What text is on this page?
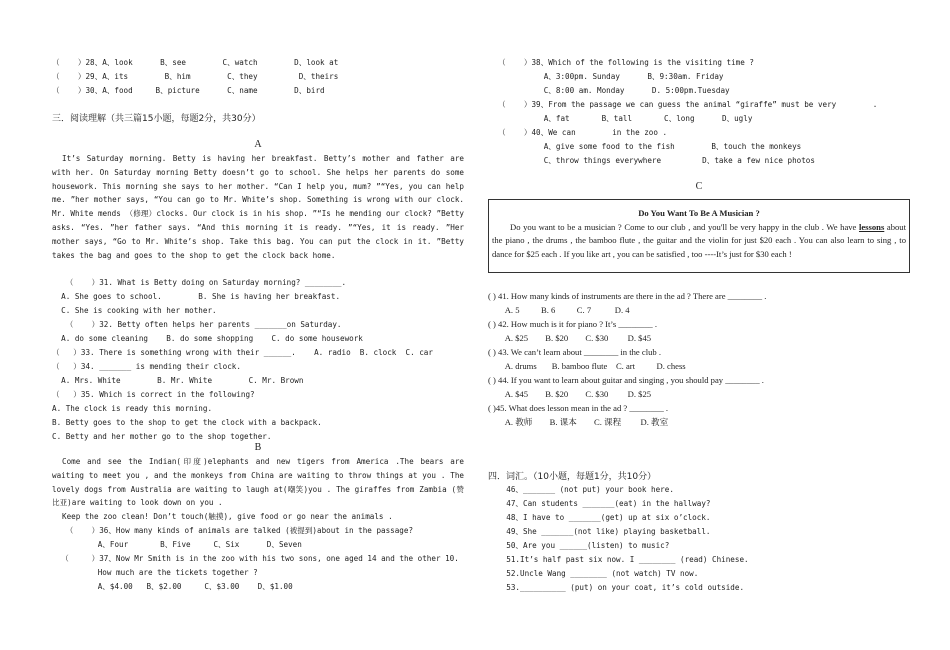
（    ）28、A、look      B、see        C、watch        D、look at
（    ）29、A、its        B、him        C、they         D、theirs
（    ）30、A、food     B、picture      C、name        D、bird
三．阅读理解（共三篇15小题，每题2分，共30分）
A
It’s Saturday morning. Betty is having her breakfast. Betty’s mother and father are with her. On Saturday morning Betty doesn’t go to school. She helps her parents do some housework. This morning she says to her mother. “Can I help you, mum? ”“Yes, you can help me. ”her mother says, “You can go to Mr. White’s shop. Something is wrong with our clock. Mr. White mends （修理）clocks. Our clock is in his shop. ”“Is he mending our clock? ”Betty asks. “Yes. ”her father says. “And this morning it is ready. ”“Yes, it is ready. ”Her mother says, “Go to Mr. White’s shop. Take this bag. You can put the clock in it. ”Betty takes the bag and goes to the shop to get the clock back home.
（    ）31. What is Betty doing on Saturday morning? ________.
A. She goes to school.        B. She is having her breakfast.
C. She is cooking with her mother.
（    ）32. Betty often helps her parents _______on Saturday.
A. do some cleaning    B. do some shopping    C. do some housework
（   ）33. There is something wrong with their ______.    A. radio  B. clock  C. car
（   ）34. _______ is mending their clock.
A. Mrs. White        B. Mr. White        C. Mr. Brown
（   ）35. Which is correct in the following?
A. The clock is ready this morning.
B. Betty goes to the shop to get the clock with a backpack.
C. Betty and her mother go to the shop together.
B
Come and see the Indian(印度)elephants and new tigers from America .The bears are waiting to meet you , and the monkeys from China are waiting to throw things at you . The lovely dogs from Australia are waiting to laugh at(嘲笑)you . The giraffes from Zambia (赞比亚)are waiting to look down on you .
Keep the zoo clean! Don’t touch(触摸), give food or go near the animals .
（    ）36、How many kinds of animals are talked (被提到)about in the passage?
A、Four       B、Five     C、Six      D、Seven
（     ）37、Now Mr Smith is in the zoo with his two sons, one aged 14 and the other 10.
How much are the tickets together ?
A、$4.00   B、$2.00     C、$3.00    D、$1.00
（    ）38、Which of the following is the visiting time ?
A、3:00pm. Sunday      B、9:30am. Friday
C、8:00 am. Monday      D. 5:00pm.Tuesday
（    ）39、From the passage we can guess the animal “giraffe” must be very        .
A、fat       B、tall       C、long      D、ugly
（    ）40、We can        in the zoo .
A、give some food to the fish        B、touch the monkeys
C、throw things everywhere         D、take a few nice photos
C
Do You Want To Be A Musician ?
Do you want to be a musician ? Come to our club , and you'll be very happy in the club . We have lessons about the piano , the drums , the bamboo flute , the guitar and the violin for just $20 each . You can also learn to sing , to dance for $25 each . If you like art , you can be satisfied , too ----It’s just for $30 each !
( ) 41. How many kinds of instruments are there in the ad ? There are ________ .
A. 5          B. 6          C. 7           D. 4
( ) 42. How much is it for piano ? It’s ________ .
A. $25        B. $20        C. $30         D. $45
( ) 43. We can’t learn about ________ in the club .
A. drums       B. bamboo flute    C. art          D. chess
( ) 44. If you want to learn about guitar and singing , you should pay ________ .
A. $45        B. $20        C. $30         D. $25
( )45. What does lesson mean in the ad ? ________ .
A. 教师        B. 课本        C. 课程         D. 教室
四．词汇。（10小题，每题1分，共10分）
46、_______ (not put) your book here.
47、Can students _______(eat) in the hallway?
48、I have to _______(get) up at six o’clock.
49、She _______(not like) playing basketball.
50、Are you ______(listen) to music?
51.It’s half past six now. I ________ (read) Chinese.
52.Uncle Wang ________ (not watch) TV now.
53.__________ (put) on your coat, it’s cold outside.
